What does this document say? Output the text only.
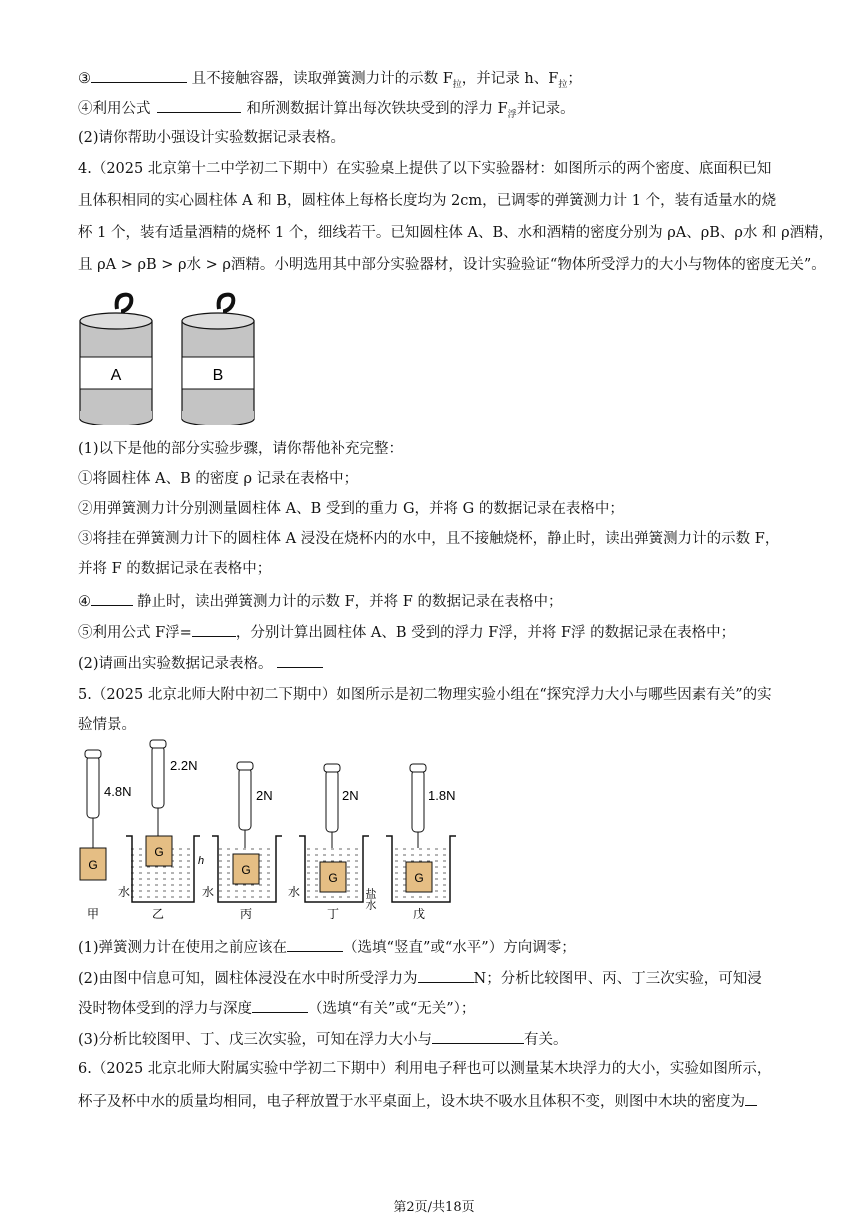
③	且不接触容器，读取弹簧测力计的示数 $F_拉$，并记录 h、$F_拉$；
④利用公式	和所测数据计算出每次铁块受到的浮力 $F_浮$并记录。
(2)请你帮助小强设计实验数据记录表格。
4.（2025 北京第十二中学初二下期中）在实验桌上提供了以下实验器材：如图所示的两个密度、底面积已知
且体积相同的实心圆柱体 A 和 B，圆柱体上每格长度均为 2cm，已调零的弹簧测力计 1 个，装有适量水的烧
杯 1 个，装有适量酒精的烧杯 1 个，细线若干。已知圆柱体 A、B、水和酒精的密度分别为 ρA、ρB、ρ水 和 ρ酒精，
且 ρA > ρB > ρ水 > ρ酒精。小明选用其中部分实验器材，设计实验验证“物体所受浮力的大小与物体的密度无关”。
A	B
(1)以下是他的部分实验步骤，请你帮他补充完整：
①将圆柱体 A、B 的密度 ρ 记录在表格中；
②用弹簧测力计分别测量圆柱体 A、B 受到的重力 G，并将 G 的数据记录在表格中；
③将挂在弹簧测力计下的圆柱体 A 浸没在烧杯内的水中，且不接触烧杯，静止时，读出弹簧测力计的示数 F，
并将 F 的数据记录在表格中；
④	静止时，读出弹簧测力计的示数 F，并将 F 的数据记录在表格中；
⑤利用公式 F浮=	，分别计算出圆柱体 A、B 受到的浮力 F浮，并将 F浮 的数据记录在表格中；
(2)请画出实验数据记录表格。
5.（2025 北京北师大附中初二下期中）如图所示是初二物理实验小组在“探究浮力大小与哪些因素有关”的实
验情景。
G
4.8N
甲
G
h
2.2N
水
乙
G
2N
水
丙
G
2N
水
丁
G
1.8N
盐水
戊
(1)弹簧测力计在使用之前应该在	（选填“竖直”或“水平”）方向调零；
(2)由图中信息可知，圆柱体浸没在水中时所受浮力为	N；分析比较图甲、丙、丁三次实验，可知浸
没时物体受到的浮力与深度	（选填“有关”或“无关”）；
(3)分析比较图甲、丁、戊三次实验，可知在浮力大小与	有关。
6.（2025 北京北师大附属实验中学初二下期中）利用电子秤也可以测量某木块浮力的大小，实验如图所示，
杯子及杯中水的质量均相同，电子秤放置于水平桌面上，设木块不吸水且体积不变，则图中木块的密度为
第2页/共18页
